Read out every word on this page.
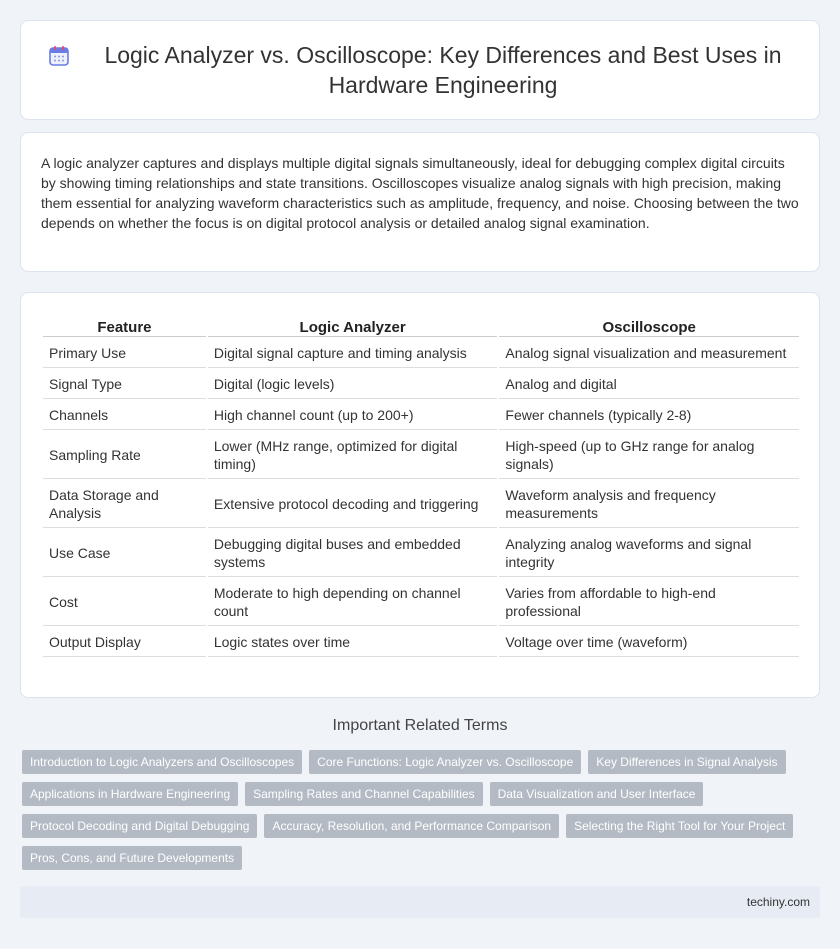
Logic Analyzer vs. Oscilloscope: Key Differences and Best Uses in Hardware Engineering

A logic analyzer captures and displays multiple digital signals simultaneously, ideal for debugging complex digital circuits by showing timing relationships and state transitions. Oscilloscopes visualize analog signals with high precision, making them essential for analyzing waveform characteristics such as amplitude, frequency, and noise. Choosing between the two depends on whether the focus is on digital protocol analysis or detailed analog signal examination.

Feature	Logic Analyzer	Oscilloscope
Primary Use	Digital signal capture and timing analysis	Analog signal visualization and measurement
Signal Type	Digital (logic levels)	Analog and digital
Channels	High channel count (up to 200+)	Fewer channels (typically 2-8)
Sampling Rate	Lower (MHz range, optimized for digital timing)	High-speed (up to GHz range for analog signals)
Data Storage and Analysis	Extensive protocol decoding and triggering	Waveform analysis and frequency measurements
Use Case	Debugging digital buses and embedded systems	Analyzing analog waveforms and signal integrity
Cost	Moderate to high depending on channel count	Varies from affordable to high-end professional
Output Display	Logic states over time	Voltage over time (waveform)
Important Related Terms
Introduction to Logic Analyzers and Oscilloscopes	Core Functions: Logic Analyzer vs. Oscilloscope	Key Differences in Signal Analysis
Applications in Hardware Engineering	Sampling Rates and Channel Capabilities	Data Visualization and User Interface
Protocol Decoding and Digital Debugging	Accuracy, Resolution, and Performance Comparison	Selecting the Right Tool for Your Project
Pros, Cons, and Future Developments
techiny.com
